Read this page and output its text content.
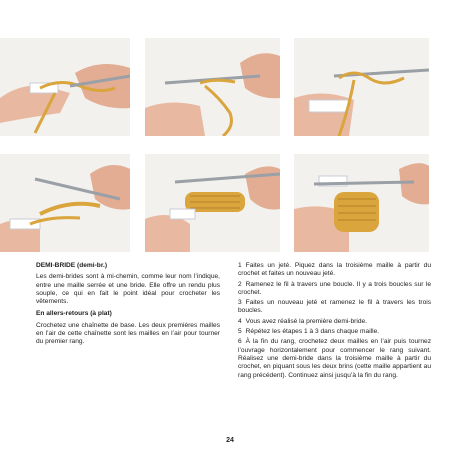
DEMI-BRIDE (demi-br.)
Les demi-brides sont à mi-chemin, comme leur nom l’indique, entre une maille serrée et une bride. Elle offre un rendu plus souple, ce qui en fait le point idéal pour crocheter les vêtements.
En allers-retours (à plat)
Crochetez une chaînette de base. Les deux premières mailles en l’air de cette chaînette sont les mailles en l’air pour tourner du premier rang.
1 Faites un jeté. Piquez dans la troisième maille à partir du crochet et faites un nouveau jeté.
2 Ramenez le fil à travers une boucle. Il y a trois boucles sur le crochet.
3 Faites un nouveau jeté et ramenez le fil à travers les trois boucles.
4 Vous avez réalisé la première demi-bride.
5 Répétez les étapes 1 à 3 dans chaque maille.
6 À la fin du rang, crochetez deux mailles en l’air puis tournez l’ouvrage horizontalement pour commencer le rang suivant. Réalisez une demi-bride dans la troisième maille à partir du crochet, en piquant sous les deux brins (cette maille appartient au rang précédent). Continuez ainsi jusqu’à la fin du rang.
24
